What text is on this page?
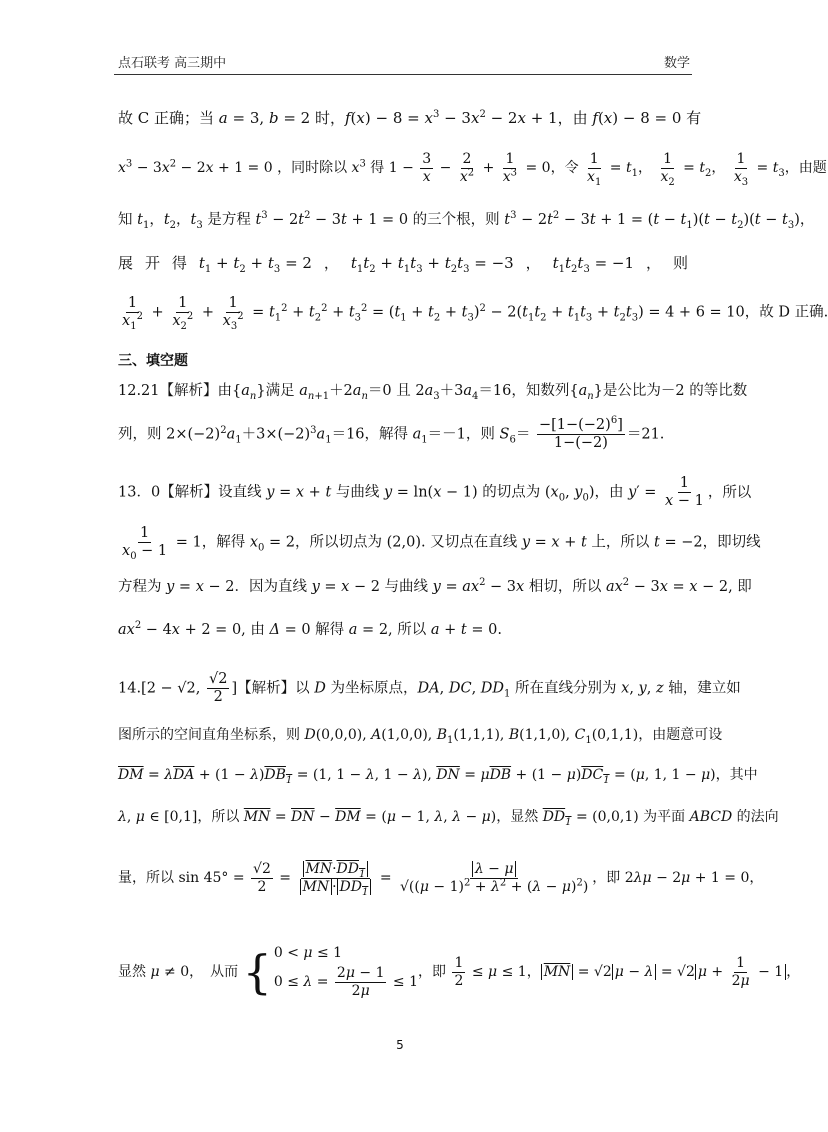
点石联考 高三期中	数学
故 C 正确；当 a = 3, b = 2 时， $f(x) - 8 = x^3 - 3x^2 - 2x + 1$， 由 f(x) − 8 = 0 有
$x^3 - 3x^2 - 2x + 1 = 0$ ，同时除以 $x^3$ 得 $1 - \frac{3}{x} - \frac{2}{x^2} + \frac{1}{x^3} = 0$，令 $\frac{1}{x_1} = t_1$， $\frac{1}{x_2} = t_2$， $\frac{1}{x_3} = t_3$，由题
知 $t_1$，$t_2$，$t_3$ 是方程 $t^3 - 2t^2 - 3t + 1 = 0$ 的三个根，则 $t^3 - 2t^2 - 3t + 1 = (t - t_1)(t - t_2)(t - t_3)$，
展 开 得 $t_1 + t_2 + t_3 = 2$ ， $t_1t_2 + t_1t_3 + t_2t_3 = -3$ ， $t_1t_2t_3 = -1$ ， 则
$\frac{1}{x_1^2} + \frac{1}{x_2^2} + \frac{1}{x_3^2} = t_1^2 + t_2^2 + t_3^2 = (t_1 + t_2 + t_3)^2 - 2(t_1t_2 + t_1t_3 + t_2t_3) = 4 + 6 = 10$，故 D 正确.
三、填空题
12.21【解析】由$\{a_n\}$满足 $a_{n+1}+2a_n=0$ 且 $2a_3+3a_4=16$，知数列$\{a_n\}$是公比为－2 的等比数
列，则 $2\times(-2)^2a_1+3\times(-2)^3a_1=16$，解得 $a_1=-1$，则 $S_6= \frac{-[1-(-2)^6]}{1-(-2)} =21$.
13．0【解析】设直线 y = x + t 与曲线 y = ln(x − 1) 的切点为 ($x_0$, $y_0$)，由 $y' = \frac{1}{x - 1}$ ， 所以
$\frac{1}{x_0 - 1} = 1$，解得 $x_0 = 2$，所以切点为 (2,0). 又切点在直线 y = x + t 上，所以 t = −2，即切线
方程为 y = x − 2．因为直线 y = x − 2 与曲线 $y = ax^2 - 3x$ 相切，所以 $ax^2 - 3x = x - 2$, 即
$ax^2 - 4x + 2 = 0$, 由 Δ = 0 解得 a = 2, 所以 a + t = 0.
14.[2 − √2, $\frac{√2}{2}$ ]【解析】以 D 为坐标原点，DA, DC, $DD_1$ 所在直线分别为 x, y, z 轴，建立如
图所示的空间直角坐标系，则 D(0,0,0), A(1,0,0), $B_1(1,1,1)$, B(1,1,0), $C_1(0,1,1)$，由题意可设
$\overline{DM} = \lambda\overline{DA} + (1 - \lambda)DB_1 = (1$, 1 − λ, 1 − λ), $\overline{DN} = \mu\overline{DB} + (1 - \mu)DC_1 = (\mu$, 1, 1 − μ)，其中
λ, μ ∈ [0,1]，所以 $\overline{MN} = \overline{DN} - \overline{DM} = (\mu - 1$, λ, λ − μ)，显然 $DD_1 = (0,0,1)$ 为平面 ABCD 的法向
量，所以 $\sin 45^\circ = \frac{√2}{2} = \frac{\overline{MN}\cdot DD_1}{\overline{MN} \cdot DD_1} = \frac{\lambda - \mu}{√((\mu - 1)^2 + \lambda^2 + (\lambda - \mu)^2)}$ ，即 2λμ − 2μ + 1 = 0，
显然 μ ≠ 0，　从而 { 0 < μ ≤ 1
$0 \le \lambda = \frac{2\mu - 1}{2\mu} \le 1$
，即 $\frac{1}{2} \le \mu \le 1$， $\overline{MN} = √2$ μ − λ = √2 $\mu + \frac{1}{2\mu} - 1$ ，
5
